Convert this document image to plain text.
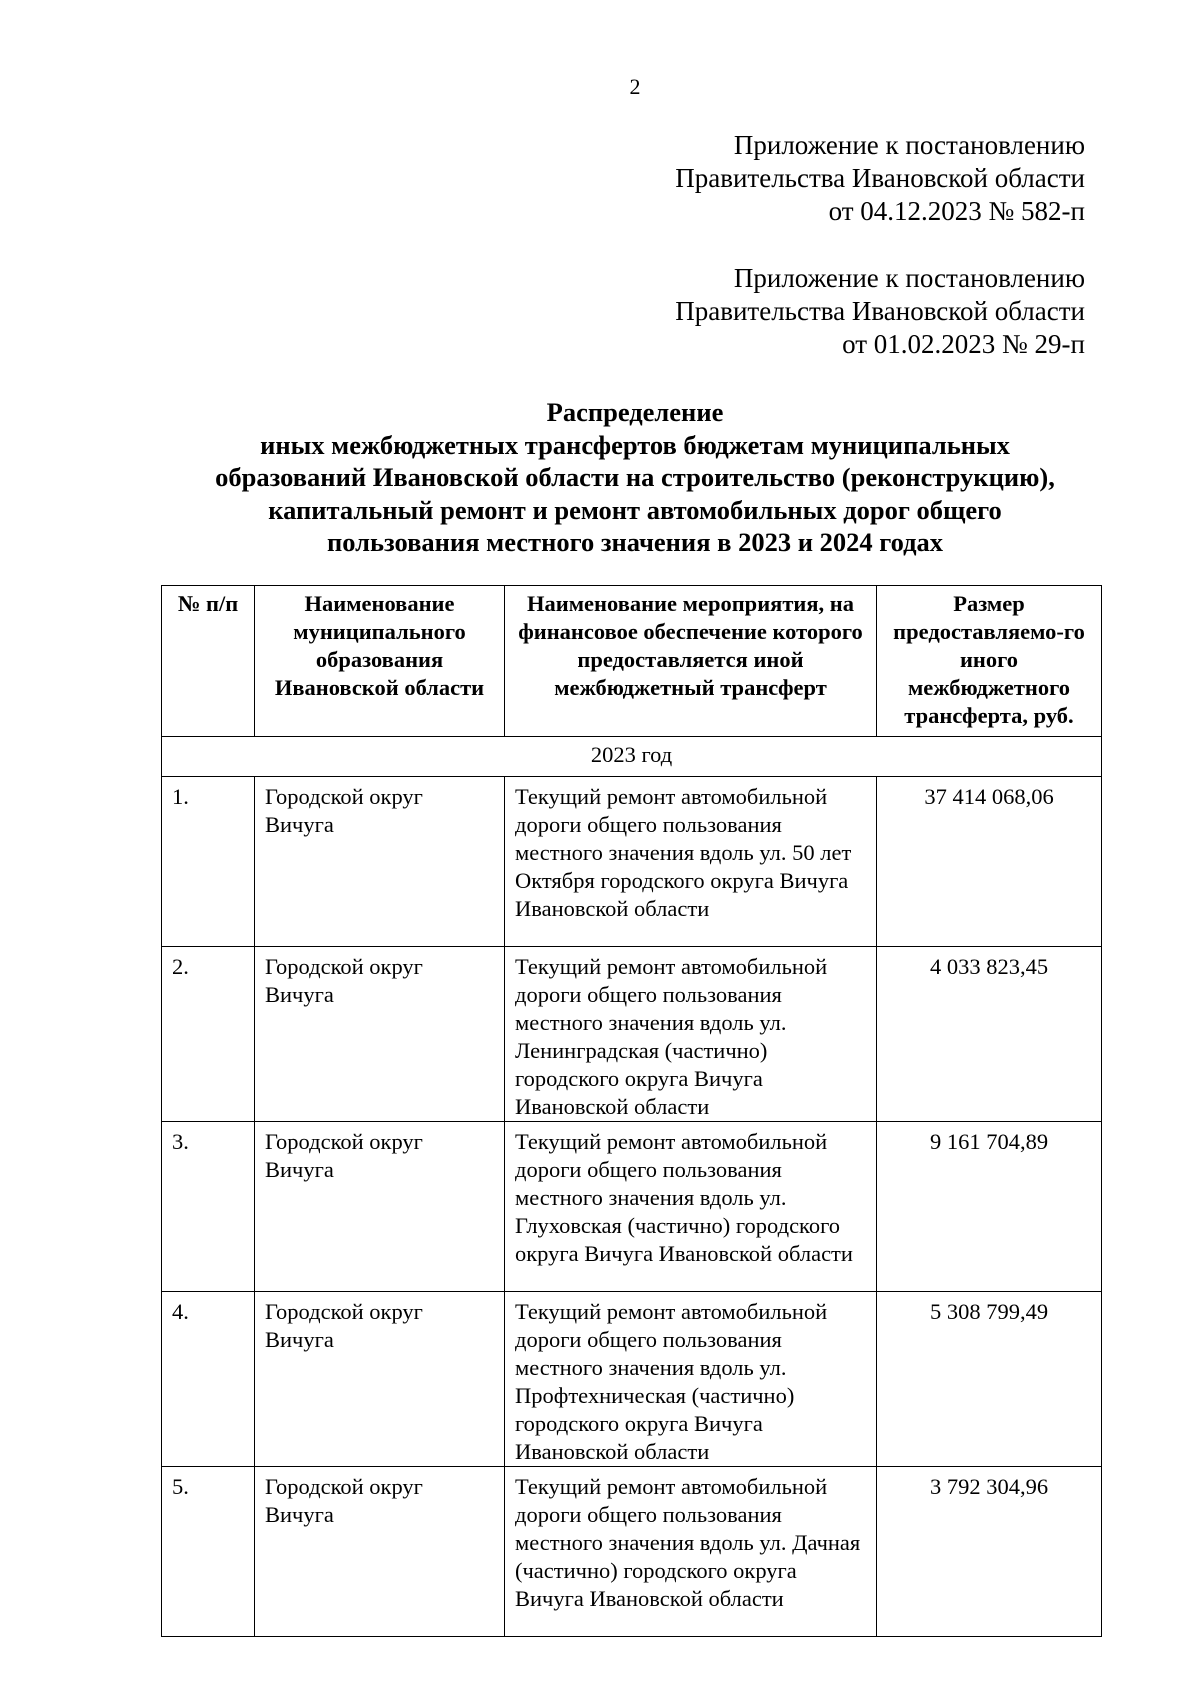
2
Приложение к постановлению
Правительства Ивановской области
от 04.12.2023 № 582-п
Приложение к постановлению
Правительства Ивановской области
от 01.02.2023 № 29-п
Распределение
иных межбюджетных трансфертов бюджетам муниципальных
образований Ивановской области на строительство (реконструкцию),
капитальный ремонт и ремонт автомобильных дорог общего
пользования местного значения в 2023 и 2024 годах
№ п/п	Наименование муниципального образования Ивановской области	Наименование мероприятия, на финансовое обеспечение которого предоставляется иной межбюджетный трансферт	Размер предоставляемо-го иного межбюджетного трансферта, руб.
2023 год			
1.	Городской округ Вичуга	Текущий ремонт автомобильной дороги общего пользования местного значения вдоль ул. 50 лет Октября городского округа Вичуга Ивановской области	37 414 068,06
2.	Городской округ Вичуга	Текущий ремонт автомобильной дороги общего пользования местного значения вдоль ул. Ленинградская (частично) городского округа Вичуга Ивановской области	4 033 823,45
3.	Городской округ Вичуга	Текущий ремонт автомобильной дороги общего пользования местного значения вдоль ул. Глуховская (частично) городского округа Вичуга Ивановской области	9 161 704,89
4.	Городской округ Вичуга	Текущий ремонт автомобильной дороги общего пользования местного значения вдоль ул. Профтехническая (частично) городского округа Вичуга Ивановской области	5 308 799,49
5.	Городской округ Вичуга	Текущий ремонт автомобильной дороги общего пользования местного значения вдоль ул. Дачная (частично) городского округа Вичуга Ивановской области	3 792 304,96
